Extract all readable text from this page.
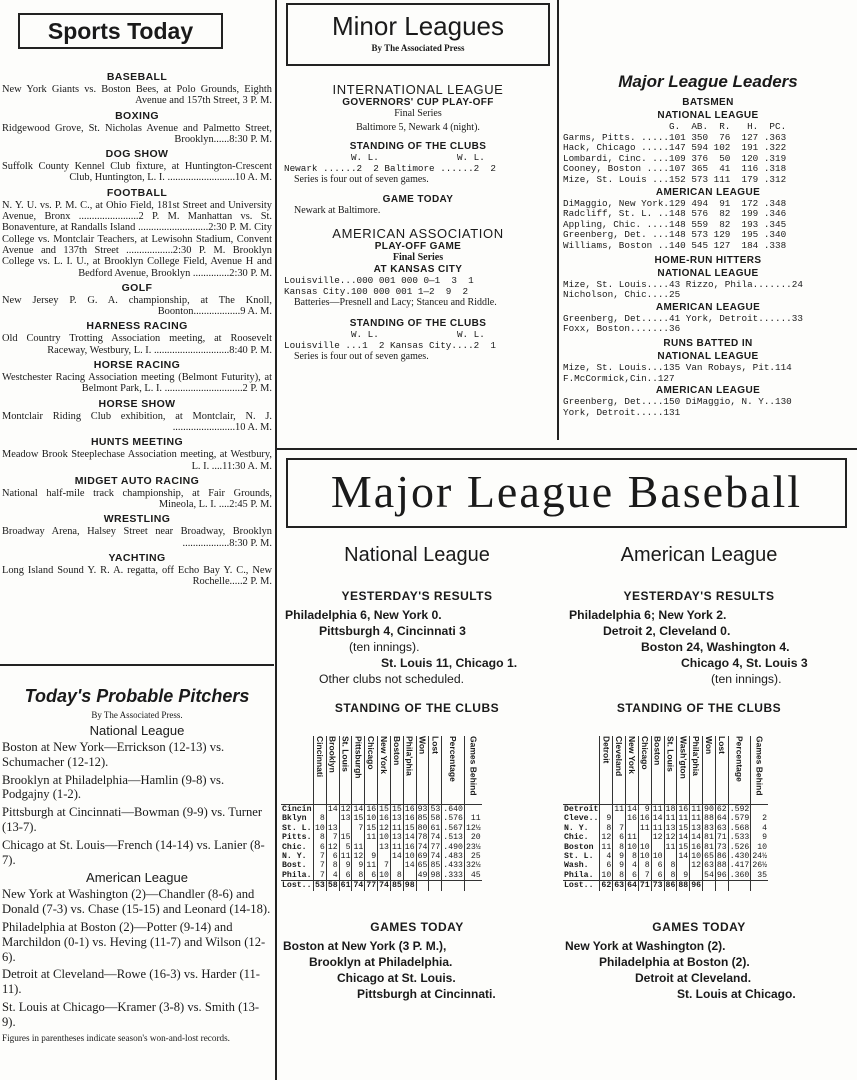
Sports Today
BASEBALL
New York Giants vs. Boston Bees, at Polo Grounds, Eighth Avenue and 157th Street, 3 P. M.
BOXING
Ridgewood Grove, St. Nicholas Avenue and Palmetto Street, Brooklyn......8:30 P. M.
DOG SHOW
Suffolk County Kennel Club fixture, at Huntington-Crescent Club, Huntington, L. I. ..........................10 A. M.
FOOTBALL
N. Y. U. vs. P. M. C., at Ohio Field, 181st Street and University Avenue, Bronx .......................2 P. M. Manhattan vs. St. Bonaventure, at Randalls Island ...........................2:30 P. M. City College vs. Montclair Teachers, at Lewisohn Stadium, Convent Avenue and 137th Street ..................2:30 P. M. Brooklyn College vs. L. I. U., at Brooklyn College Field, Avenue H and Bedford Avenue, Brooklyn ..............2:30 P. M.
GOLF
New Jersey P. G. A. championship, at The Knoll, Boonton..................9 A. M.
HARNESS RACING
Old Country Trotting Association meeting, at Roosevelt Raceway, Westbury, L. I. .............................8:40 P. M.
HORSE RACING
Westchester Racing Association meeting (Belmont Futurity), at Belmont Park, L. I. ..............................2 P. M.
HORSE SHOW
Montclair Riding Club exhibition, at Montclair, N. J. ........................10 A. M.
HUNTS MEETING
Meadow Brook Steeplechase Association meeting, at Westbury, L. I. ....11:30 A. M.
MIDGET AUTO RACING
National half-mile track championship, at Fair Grounds, Mineola, L. I. ....2:45 P. M.
WRESTLING
Broadway Arena, Halsey Street near Broadway, Brooklyn ..................8:30 P. M.
YACHTING
Long Island Sound Y. R. A. regatta, off Echo Bay Y. C., New Rochelle.....2 P. M.
Today's Probable Pitchers
By The Associated Press.
National League
Boston at New York—Errickson (12-13) vs. Schumacher (12-12).
Brooklyn at Philadelphia—Hamlin (9-8) vs. Podgajny (1-2).
Pittsburgh at Cincinnati—Bowman (9-9) vs. Turner (13-7).
Chicago at St. Louis—French (14-14) vs. Lanier (8-7).
American League
New York at Washington (2)—Chandler (8-6) and Donald (7-3) vs. Chase (15-15) and Leonard (14-18).
Philadelphia at Boston (2)—Potter (9-14) and Marchildon (0-1) vs. Heving (11-7) and Wilson (12-6).
Detroit at Cleveland—Rowe (16-3) vs. Harder (11-11).
St. Louis at Chicago—Kramer (3-8) vs. Smith (13-9).
Figures in parentheses indicate season's won-and-lost records.
Minor Leagues
By The Associated Press
INTERNATIONAL LEAGUE
GOVERNORS' CUP PLAY-OFF
Final Series
Baltimore 5, Newark 4 (night).
STANDING OF THE CLUBS
W. L.              W. L.
Newark ......2  2 Baltimore ......2  2
Series is four out of seven games.
GAME TODAY
Newark at Baltimore.
AMERICAN ASSOCIATION
PLAY-OFF GAME
Final Series
AT KANSAS CITY
Louisville...000 001 000 0—1  3  1
Kansas City.100 000 001 1—2  9  2
Batteries—Presnell and Lacy; Stanceu and Riddle.
STANDING OF THE CLUBS
W. L.              W. L.
Louisville ...1  2 Kansas City....2  1
Series is four out of seven games.
Major League Leaders
BATSMEN
NATIONAL LEAGUE
G.  AB.  R.   H.  PC.
Garms, Pitts. .....101 350  76  127 .363
Hack, Chicago .....147 594 102  191 .322
Lombardi, Cinc. ...109 376  50  120 .319
Cooney, Boston ....107 365  41  116 .318
Mize, St. Louis ...152 573 111  179 .312
AMERICAN LEAGUE
DiMaggio, New York.129 494  91  172 .348
Radcliff, St. L. ..148 576  82  199 .346
Appling, Chic. ....148 559  82  193 .345
Greenberg, Det. ...148 573 129  195 .340
Williams, Boston ..140 545 127  184 .338
HOME-RUN HITTERS
NATIONAL LEAGUE
Mize, St. Louis....43 Rizzo, Phila.......24
Nicholson, Chic....25
AMERICAN LEAGUE
Greenberg, Det.....41 York, Detroit......33
Foxx, Boston.......36
RUNS BATTED IN
NATIONAL LEAGUE
Mize, St. Louis...135 Van Robays, Pit.114
F.McCormick,Cin..127
AMERICAN LEAGUE
Greenberg, Det....150 DiMaggio, N. Y..130
York, Detroit.....131
Major League Baseball
National League
YESTERDAY'S RESULTS
Philadelphia 6, New York 0.
Pittsburgh 4, Cincinnati 3
(ten innings).
St. Louis 11, Chicago 1.
Other clubs not scheduled.
STANDING OF THE CLUBS
	Cincinnati	Brooklyn	St. Louis	Pittsburgh	Chicago	New York	Boston	Phila'phia	Won	Lost	Percentage	Games Behind
Cincin		14	12	14	16	15	15	16	93	53	.640	
Bklyn	8		13	15	10	16	13	16	85	58	.576	11
St. L.	10	13		7	15	12	11	15	80	61	.567	12½
Pitts.	8	7	15		11	10	13	14	78	74	.513	20
Chic.	6	12	5	11		13	11	16	74	77	.490	23½
N. Y.	7	6	11	12	9		14	10	69	74	.483	25
Bost.	7	8	9	9	11	7		14	65	85	.433	32½
Phila.	7	4	6	8	6	10	8		49	98	.333	45
Lost..	53	58	61	74	77	74	85	98				
GAMES TODAY
Boston at New York (3 P. M.),
Brooklyn at Philadelphia.
Chicago at St. Louis.
Pittsburgh at Cincinnati.
American League
YESTERDAY'S RESULTS
Philadelphia 6; New York 2.
Detroit 2, Cleveland 0.
Boston 24, Washington 4.
Chicago 4, St. Louis 3
(ten innings).
STANDING OF THE CLUBS
	Detroit	Cleveland	New York	Chicago	Boston	St. Louis	Wash'gton	Phila'phia	Won	Lost	Percentage	Games Behind
Detroit		11	14	9	11	18	16	11	90	62	.592	
Cleve..	9		16	16	14	11	11	11	88	64	.579	2
N. Y.	8	7		11	11	13	15	13	83	63	.568	4
Chic.	12	6	11		12	12	14	14	81	71	.533	9
Boston	11	8	10	10		11	15	16	81	73	.526	10
St. L.	4	9	8	10	10		14	10	65	86	.430	24½
Wash.	6	9	4	8	6	8		12	63	88	.417	26½
Phila.	10	8	6	7	6	8	9		54	96	.360	35
Lost..	62	63	64	71	73	86	88	96				
GAMES TODAY
New York at Washington (2).
Philadelphia at Boston (2).
Detroit at Cleveland.
St. Louis at Chicago.
